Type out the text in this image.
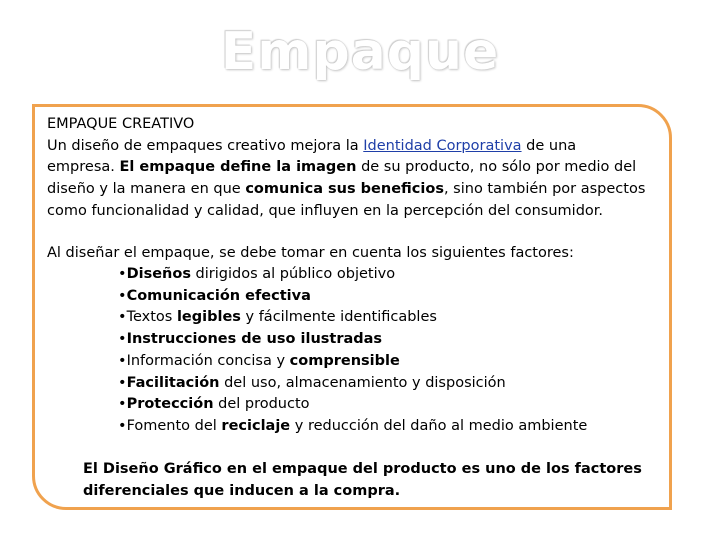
Empaque

EMPAQUE CREATIVO

Un diseño de empaques creativo mejora la Identidad Corporativa de una

empresa. El empaque define la imagen de su producto, no sólo por medio del

diseño y la manera en que comunica sus beneficios, sino también por aspectos

como funcionalidad y calidad, que influyen en la percepción del consumidor.

Al diseñar el empaque, se debe tomar en cuenta los siguientes factores:
• Diseños dirigidos al público objetivo
• Comunicación efectiva
• Textos legibles y fácilmente identificables
• Instrucciones de uso ilustradas
• Información concisa y comprensible
• Facilitación del uso, almacenamiento y disposición
• Protección del producto
• Fomento del reciclaje y reducción del daño al medio ambiente

El Diseño Gráfico en el empaque del producto es uno de los factores

diferenciales que inducen a la compra.
